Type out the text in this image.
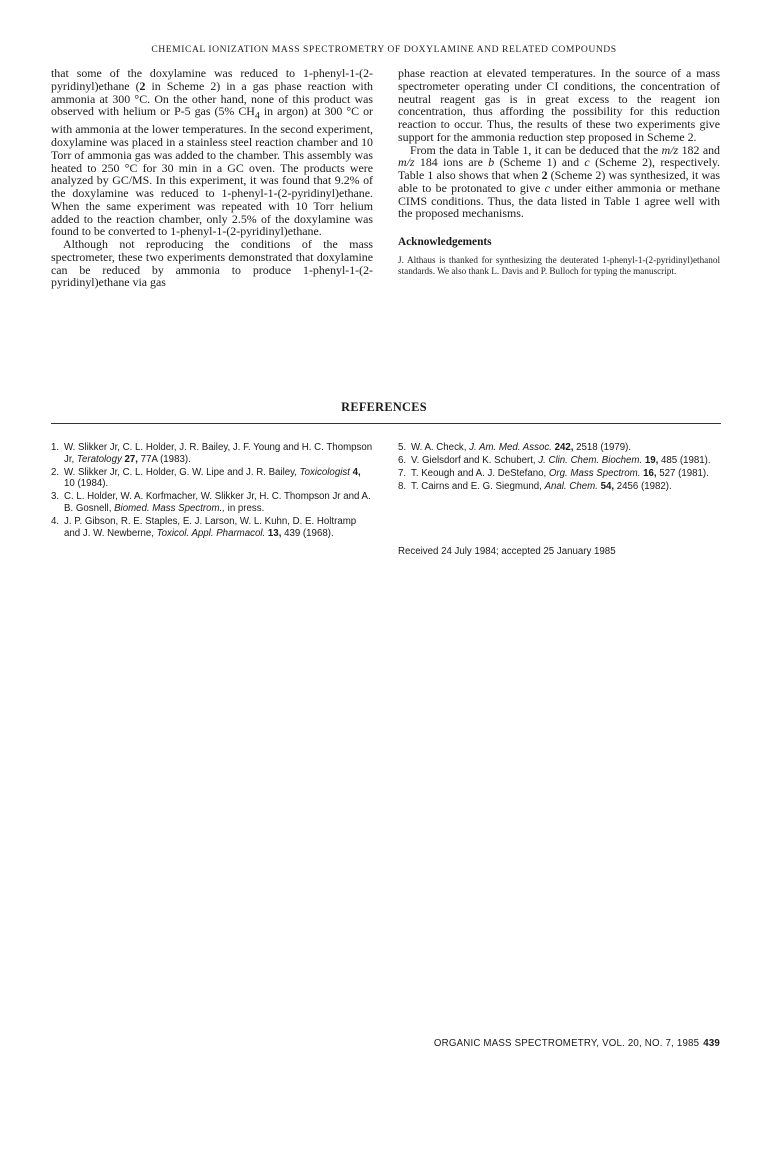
CHEMICAL IONIZATION MASS SPECTROMETRY OF DOXYLAMINE AND RELATED COMPOUNDS

that some of the doxylamine was reduced to 1-phenyl-1-(2-pyridinyl)ethane (2 in Scheme 2) in a gas phase reaction with ammonia at 300 °C. On the other hand, none of this product was observed with helium or P-5 gas (5% $CH_4$ in argon) at 300 °C or with ammonia at the lower temperatures. In the second experiment, doxylamine was placed in a stainless steel reaction chamber and 10 Torr of ammonia gas was added to the chamber. This assembly was heated to 250 °C for 30 min in a GC oven. The products were analyzed by GC/MS. In this experiment, it was found that 9.2% of the doxylamine was reduced to 1-phenyl-1-(2-pyridinyl)ethane. When the same experiment was repeated with 10 Torr helium added to the reaction chamber, only 2.5% of the doxylamine was found to be converted to 1-phenyl-1-(2-pyridinyl)ethane.

Although not reproducing the conditions of the mass spectrometer, these two experiments demonstrated that doxylamine can be reduced by ammonia to produce 1-phenyl-1-(2-pyridinyl)ethane via gas

phase reaction at elevated temperatures. In the source of a mass spectrometer operating under CI conditions, the concentration of neutral reagent gas is in great excess to the reagent ion concentration, thus affording the possibility for this reduction reaction to occur. Thus, the results of these two experiments give support for the ammonia reduction step proposed in Scheme 2.

From the data in Table 1, it can be deduced that the m/z 182 and m/z 184 ions are b (Scheme 1) and c (Scheme 2), respectively. Table 1 also shows that when 2 (Scheme 2) was synthesized, it was able to be protonated to give c under either ammonia or methane CIMS conditions. Thus, the data listed in Table 1 agree well with the proposed mechanisms.

Acknowledgements

J. Althaus is thanked for synthesizing the deuterated 1-phenyl-1-(2-pyridinyl)ethanol standards. We also thank L. Davis and P. Bulloch for typing the manuscript.

REFERENCES
1. W. Slikker Jr, C. L. Holder, J. R. Bailey, J. F. Young and H. C. Thompson Jr, Teratology 27, 77A (1983).
2. W. Slikker Jr, C. L. Holder, G. W. Lipe and J. R. Bailey, Toxicologist 4, 10 (1984).
3. C. L. Holder, W. A. Korfmacher, W. Slikker Jr, H. C. Thompson Jr and A. B. Gosnell, Biomed. Mass Spectrom., in press.
4. J. P. Gibson, R. E. Staples, E. J. Larson, W. L. Kuhn, D. E. Holtramp and J. W. Newberne, Toxicol. Appl. Pharmacol. 13, 439 (1968).
5. W. A. Check, J. Am. Med. Assoc. 242, 2518 (1979).
6. V. Gielsdorf and K. Schubert, J. Clin. Chem. Biochem. 19, 485 (1981).
7. T. Keough and A. J. DeStefano, Org. Mass Spectrom. 16, 527 (1981).
8. T. Cairns and E. G. Siegmund, Anal. Chem. 54, 2456 (1982).
Received 24 July 1984; accepted 25 January 1985
ORGANIC MASS SPECTROMETRY, VOL. 20, NO. 7, 1985 439
